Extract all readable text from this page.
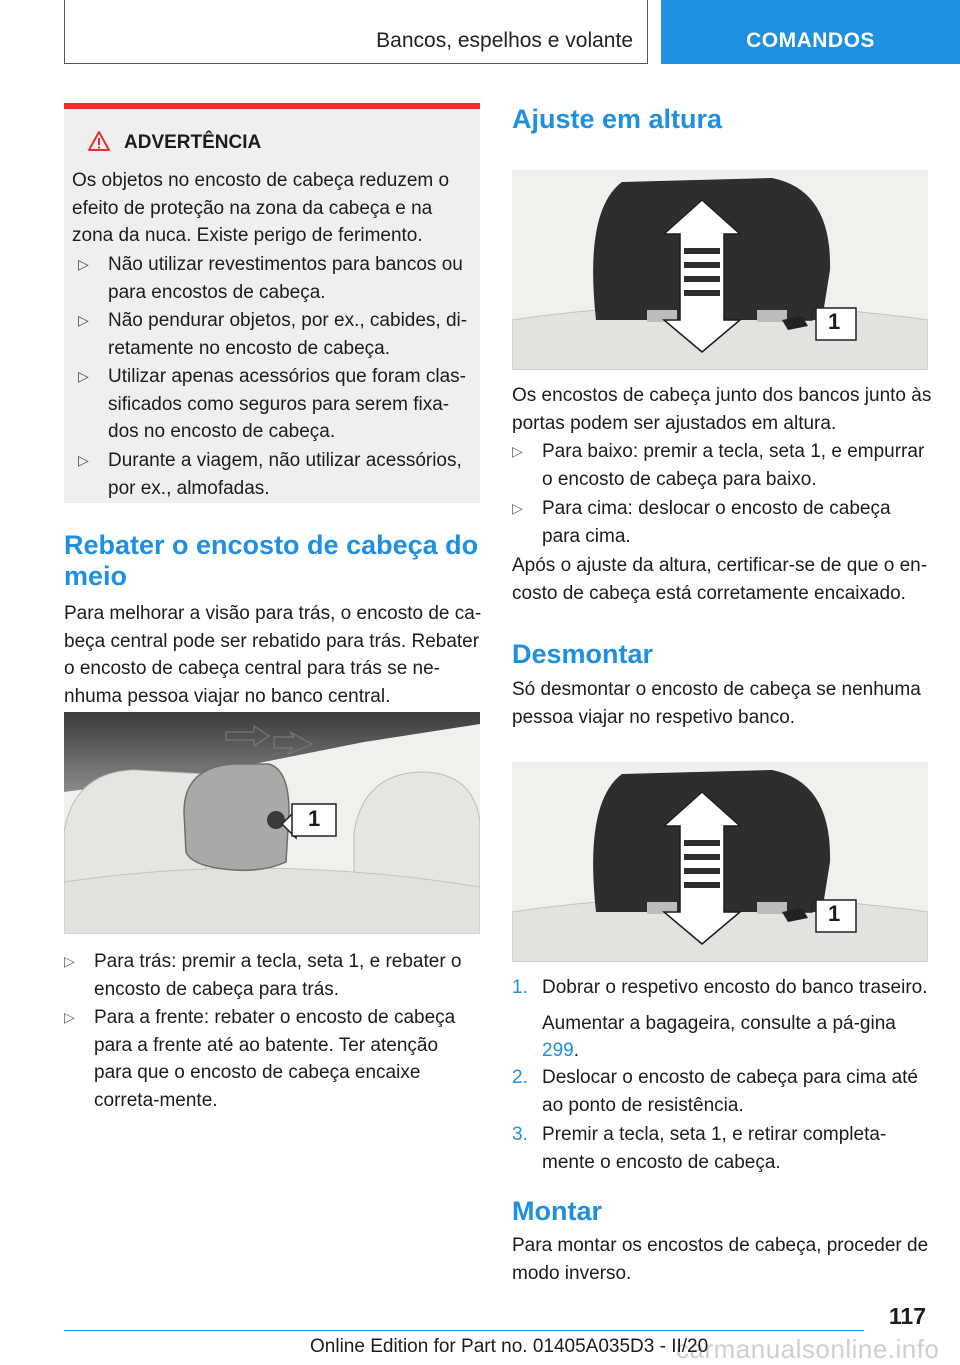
Bancos, espelhos e volante	COMANDOS
ADVERTÊNCIA
Os objetos no encosto de cabeça reduzem o efeito de proteção na zona da cabeça e na zona da nuca. Existe perigo de ferimento.
▷ Não utilizar revestimentos para bancos ou para encostos de cabeça.
▷ Não pendurar objetos, por ex., cabides, di‐retamente no encosto de cabeça.
▷ Utilizar apenas acessórios que foram clas‐sificados como seguros para serem fixa‐dos no encosto de cabeça.
▷ Durante a viagem, não utilizar acessórios, por ex., almofadas.
Rebater o encosto de cabeça do meio
Para melhorar a visão para trás, o encosto de ca‐beça central pode ser rebatido para trás. Rebater o encosto de cabeça central para trás se ne‐nhuma pessoa viajar no banco central.
1
▷ Para trás: premir a tecla, seta 1, e rebater o encosto de cabeça para trás.
▷ Para a frente: rebater o encosto de cabeça para a frente até ao batente. Ter atenção para que o encosto de cabeça encaixe correta‐mente.
Ajuste em altura
1
Os encostos de cabeça junto dos bancos junto às portas podem ser ajustados em altura.
▷ Para baixo: premir a tecla, seta 1, e empurrar o encosto de cabeça para baixo.
▷ Para cima: deslocar o encosto de cabeça para cima.
Após o ajuste da altura, certificar-se de que o en‐costo de cabeça está corretamente encaixado.
Desmontar
Só desmontar o encosto de cabeça se nenhuma pessoa viajar no respetivo banco.
1
1. Dobrar o respetivo encosto do banco traseiro.
Aumentar a bagageira, consulte a pá‐gina 299.
2. Deslocar o encosto de cabeça para cima até ao ponto de resistência.
3. Premir a tecla, seta 1, e retirar completa‐mente o encosto de cabeça.
Montar
Para montar os encostos de cabeça, proceder de modo inverso.
117
carmanualsonline.info
Online Edition for Part no. 01405A035D3 - II/20
